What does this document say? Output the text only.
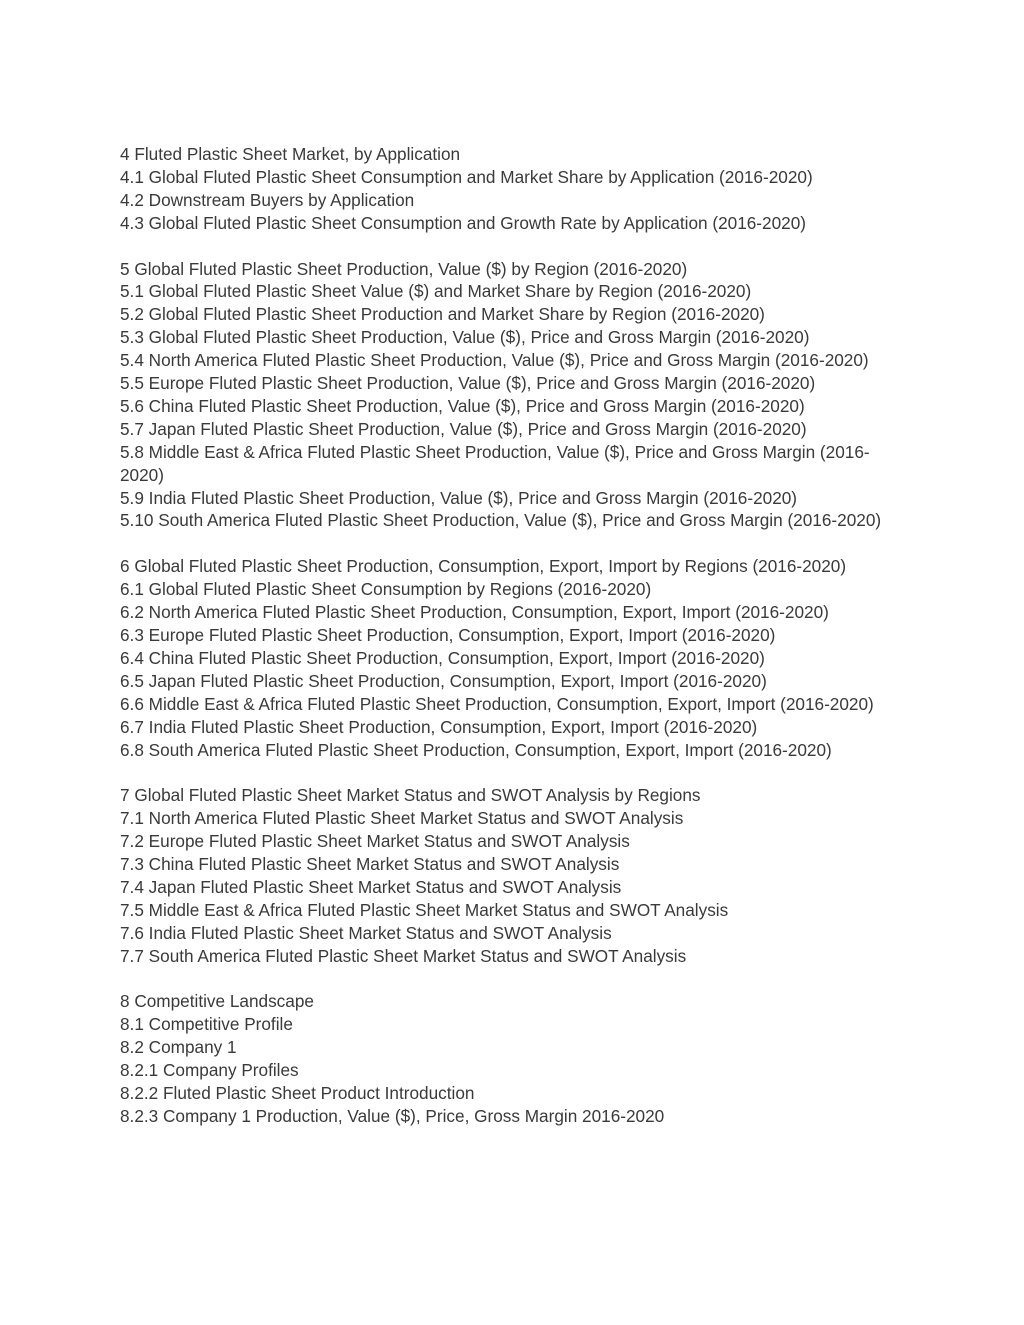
4 Fluted Plastic Sheet Market, by Application
4.1 Global Fluted Plastic Sheet Consumption and Market Share by Application (2016-2020)
4.2 Downstream Buyers by Application
4.3 Global Fluted Plastic Sheet Consumption and Growth Rate by Application (2016-2020)
5 Global Fluted Plastic Sheet Production, Value ($) by Region (2016-2020)
5.1 Global Fluted Plastic Sheet Value ($) and Market Share by Region (2016-2020)
5.2 Global Fluted Plastic Sheet Production and Market Share by Region (2016-2020)
5.3 Global Fluted Plastic Sheet Production, Value ($), Price and Gross Margin (2016-2020)
5.4 North America Fluted Plastic Sheet Production, Value ($), Price and Gross Margin (2016-2020)
5.5 Europe Fluted Plastic Sheet Production, Value ($), Price and Gross Margin (2016-2020)
5.6 China Fluted Plastic Sheet Production, Value ($), Price and Gross Margin (2016-2020)
5.7 Japan Fluted Plastic Sheet Production, Value ($), Price and Gross Margin (2016-2020)
5.8 Middle East & Africa Fluted Plastic Sheet Production, Value ($), Price and Gross Margin (2016-2020)
5.9 India Fluted Plastic Sheet Production, Value ($), Price and Gross Margin (2016-2020)
5.10 South America Fluted Plastic Sheet Production, Value ($), Price and Gross Margin (2016-2020)
6 Global Fluted Plastic Sheet Production, Consumption, Export, Import by Regions (2016-2020)
6.1 Global Fluted Plastic Sheet Consumption by Regions (2016-2020)
6.2 North America Fluted Plastic Sheet Production, Consumption, Export, Import (2016-2020)
6.3 Europe Fluted Plastic Sheet Production, Consumption, Export, Import (2016-2020)
6.4 China Fluted Plastic Sheet Production, Consumption, Export, Import (2016-2020)
6.5 Japan Fluted Plastic Sheet Production, Consumption, Export, Import (2016-2020)
6.6 Middle East & Africa Fluted Plastic Sheet Production, Consumption, Export, Import (2016-2020)
6.7 India Fluted Plastic Sheet Production, Consumption, Export, Import (2016-2020)
6.8 South America Fluted Plastic Sheet Production, Consumption, Export, Import (2016-2020)
7 Global Fluted Plastic Sheet Market Status and SWOT Analysis by Regions
7.1 North America Fluted Plastic Sheet Market Status and SWOT Analysis
7.2 Europe Fluted Plastic Sheet Market Status and SWOT Analysis
7.3 China Fluted Plastic Sheet Market Status and SWOT Analysis
7.4 Japan Fluted Plastic Sheet Market Status and SWOT Analysis
7.5 Middle East & Africa Fluted Plastic Sheet Market Status and SWOT Analysis
7.6 India Fluted Plastic Sheet Market Status and SWOT Analysis
7.7 South America Fluted Plastic Sheet Market Status and SWOT Analysis
8 Competitive Landscape
8.1 Competitive Profile
8.2 Company 1
8.2.1 Company Profiles
8.2.2 Fluted Plastic Sheet Product Introduction
8.2.3 Company 1 Production, Value ($), Price, Gross Margin 2016-2020
